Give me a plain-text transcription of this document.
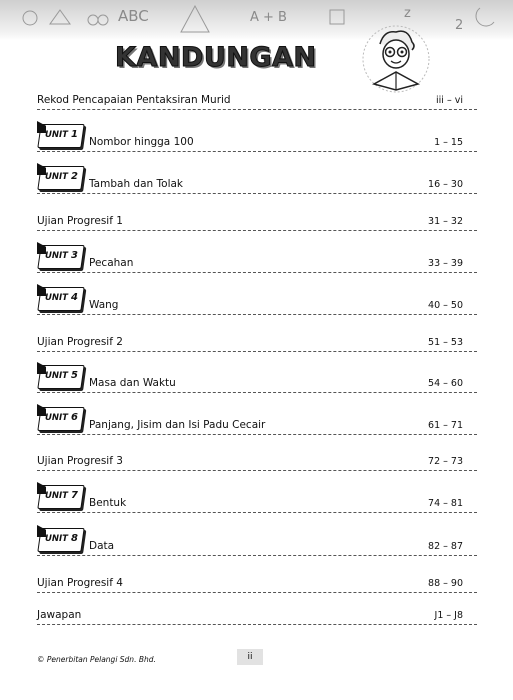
ABC	A + B	z
2
KANDUNGAN
Rekod Pencapaian Pentaksiran Murid	iii – vi
UNIT 1
Nombor hingga 100	1 – 15
UNIT 2
Tambah dan Tolak	16 – 30
Ujian Progresif 1	31 – 32
UNIT 3
Pecahan	33 – 39
UNIT 4
Wang	40 – 50
Ujian Progresif 2	51 – 53
UNIT 5
Masa dan Waktu	54 – 60
UNIT 6
Panjang, Jisim dan Isi Padu Cecair	61 – 71
Ujian Progresif 3	72 – 73
UNIT 7
Bentuk	74 – 81
UNIT 8
Data	82 – 87
Ujian Progresif 4	88 – 90
Jawapan	J1 – J8
© Penerbitan Pelangi Sdn. Bhd.	ii
